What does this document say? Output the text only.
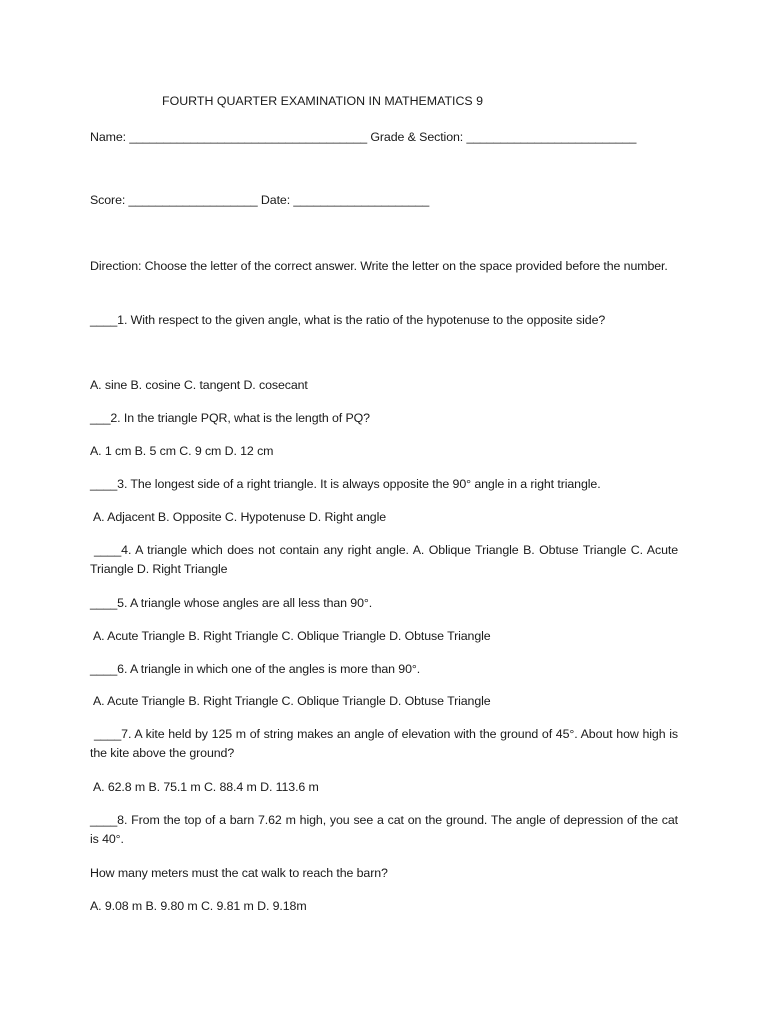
FOURTH QUARTER EXAMINATION IN MATHEMATICS 9
Name: ___________________________________ Grade & Section: _________________________
Score: ___________________ Date: ____________________
Direction: Choose the letter of the correct answer. Write the letter on the space provided before the number.
____1. With respect to the given angle, what is the ratio of the hypotenuse to the opposite side?
A. sine B. cosine C. tangent D. cosecant
___2. In the triangle PQR, what is the length of PQ?
A. 1 cm B. 5 cm C. 9 cm D. 12 cm
____3. The longest side of a right triangle. It is always opposite the 90° angle in a right triangle.
A. Adjacent B. Opposite C. Hypotenuse D. Right angle
____4. A triangle which does not contain any right angle. A. Oblique Triangle B. Obtuse Triangle C. Acute Triangle D. Right Triangle
____5. A triangle whose angles are all less than 90°.
A. Acute Triangle B. Right Triangle C. Oblique Triangle D. Obtuse Triangle
____6. A triangle in which one of the angles is more than 90°.
A. Acute Triangle B. Right Triangle C. Oblique Triangle D. Obtuse Triangle
____7. A kite held by 125 m of string makes an angle of elevation with the ground of 45°. About how high is the kite above the ground?
A. 62.8 m B. 75.1 m C. 88.4 m D. 113.6 m
____8. From the top of a barn 7.62 m high, you see a cat on the ground. The angle of depression of the cat is 40°.
How many meters must the cat walk to reach the barn?
A. 9.08 m B. 9.80 m C. 9.81 m D. 9.18m
